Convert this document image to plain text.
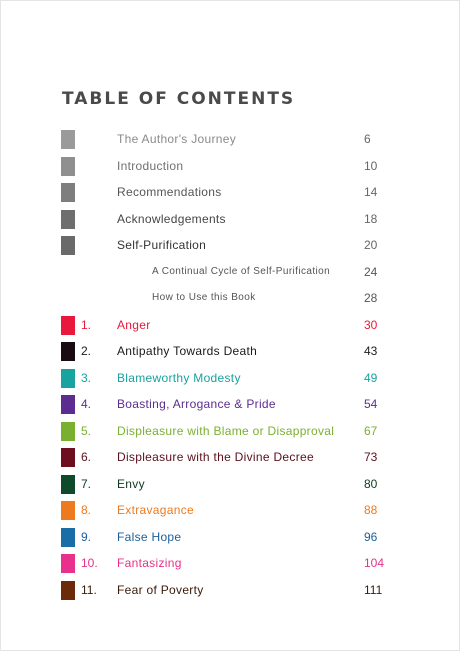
TABLE OF CONTENTS
The Author's Journey	6
Introduction	10
Recommendations	14
Acknowledgements	18
Self-Purification	20
A Continual Cycle of Self-Purification	24
How to Use this Book	28
1. Anger	30
2. Antipathy Towards Death	43
3. Blameworthy Modesty	49
4. Boasting, Arrogance & Pride	54
5. Displeasure with Blame or Disapproval 67
6. Displeasure with the Divine Decree	73
7. Envy	80
8. Extravagance	88
9. False Hope	96
10. Fantasizing	104
11. Fear of Poverty	111
